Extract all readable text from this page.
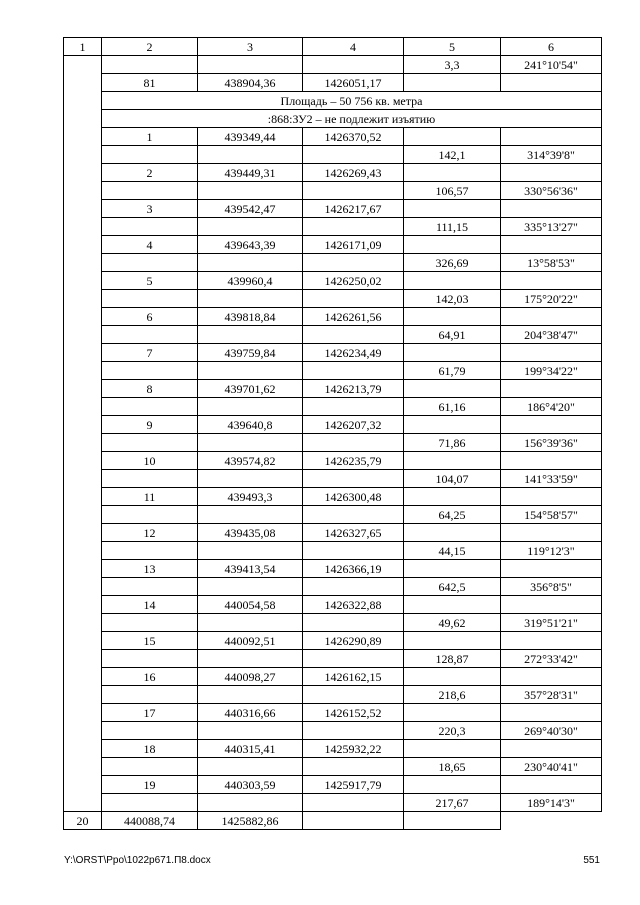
1	2	3	4	5	6
				3,3	241°10'54"
	81	438904,36	1426051,17		
	Площадь – 50 756 кв. метра				
	:868:ЗУ2 – не подлежит изъятию				
	1	439349,44	1426370,52		
				142,1	314°39'8"
	2	439449,31	1426269,43		
				106,57	330°56'36"
	3	439542,47	1426217,67		
				111,15	335°13'27"
	4	439643,39	1426171,09		
				326,69	13°58'53"
	5	439960,4	1426250,02		
				142,03	175°20'22"
	6	439818,84	1426261,56		
				64,91	204°38'47"
	7	439759,84	1426234,49		
				61,79	199°34'22"
	8	439701,62	1426213,79		
				61,16	186°4'20"
	9	439640,8	1426207,32		
				71,86	156°39'36"
	10	439574,82	1426235,79		
				104,07	141°33'59"
	11	439493,3	1426300,48		
				64,25	154°58'57"
	12	439435,08	1426327,65		
				44,15	119°12'3"
	13	439413,54	1426366,19		
				642,5	356°8'5"
	14	440054,58	1426322,88		
				49,62	319°51'21"
	15	440092,51	1426290,89		
				128,87	272°33'42"
	16	440098,27	1426162,15		
				218,6	357°28'31"
	17	440316,66	1426152,52		
				220,3	269°40'30"
	18	440315,41	1425932,22		
				18,65	230°40'41"
	19	440303,59	1425917,79		
				217,67	189°14'3"
20	440088,74	1425882,86			
Y:\ORST\Ppo\1022p671.П8.docx	551
